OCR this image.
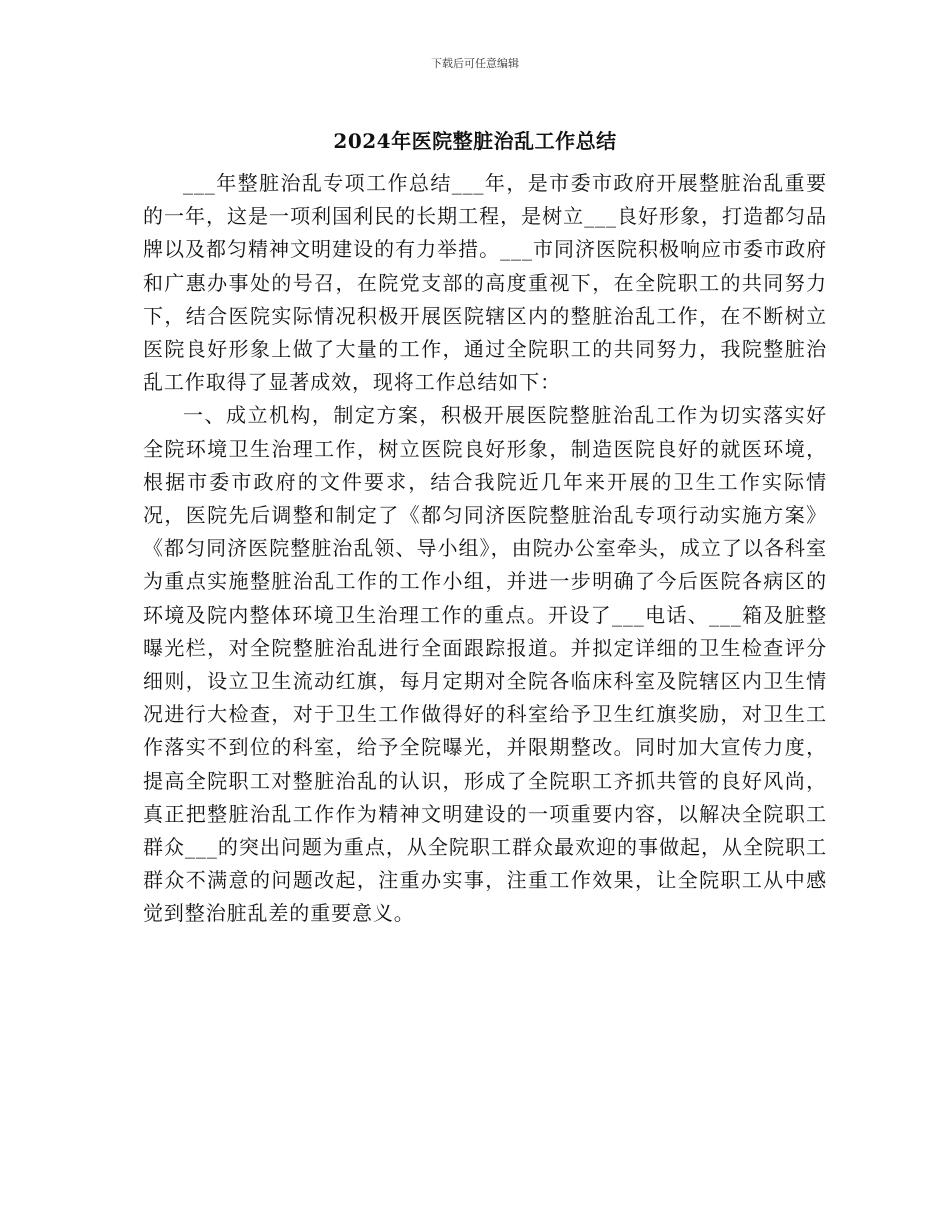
下载后可任意编辑
2024年医院整脏治乱工作总结

___年整脏治乱专项工作总结___年，是市委市政府开展整脏治乱重要的一年，这是一项利国利民的长期工程，是树立___良好形象，打造都匀品牌以及都匀精神文明建设的有力举措。___市同济医院积极响应市委市政府和广惠办事处的号召，在院党支部的高度重视下，在全院职工的共同努力下，结合医院实际情况积极开展医院辖区内的整脏治乱工作，在不断树立医院良好形象上做了大量的工作，通过全院职工的共同努力，我院整脏治乱工作取得了显著成效，现将工作总结如下：

一、成立机构，制定方案，积极开展医院整脏治乱工作为切实落实好全院环境卫生治理工作，树立医院良好形象，制造医院良好的就医环境，根据市委市政府的文件要求，结合我院近几年来开展的卫生工作实际情况，医院先后调整和制定了《都匀同济医院整脏治乱专项行动实施方案》《都匀同济医院整脏治乱领、导小组》，由院办公室牵头，成立了以各科室为重点实施整脏治乱工作的工作小组，并进一步明确了今后医院各病区的环境及院内整体环境卫生治理工作的重点。开设了___电话、___箱及脏整曝光栏，对全院整脏治乱进行全面跟踪报道。并拟定详细的卫生检查评分细则，设立卫生流动红旗，每月定期对全院各临床科室及院辖区内卫生情况进行大检查，对于卫生工作做得好的科室给予卫生红旗奖励，对卫生工作落实不到位的科室，给予全院曝光，并限期整改。同时加大宣传力度，提高全院职工对整脏治乱的认识，形成了全院职工齐抓共管的良好风尚，真正把整脏治乱工作作为精神文明建设的一项重要内容，以解决全院职工群众___的突出问题为重点，从全院职工群众最欢迎的事做起，从全院职工群众不满意的问题改起，注重办实事，注重工作效果，让全院职工从中感觉到整治脏乱差的重要意义。
